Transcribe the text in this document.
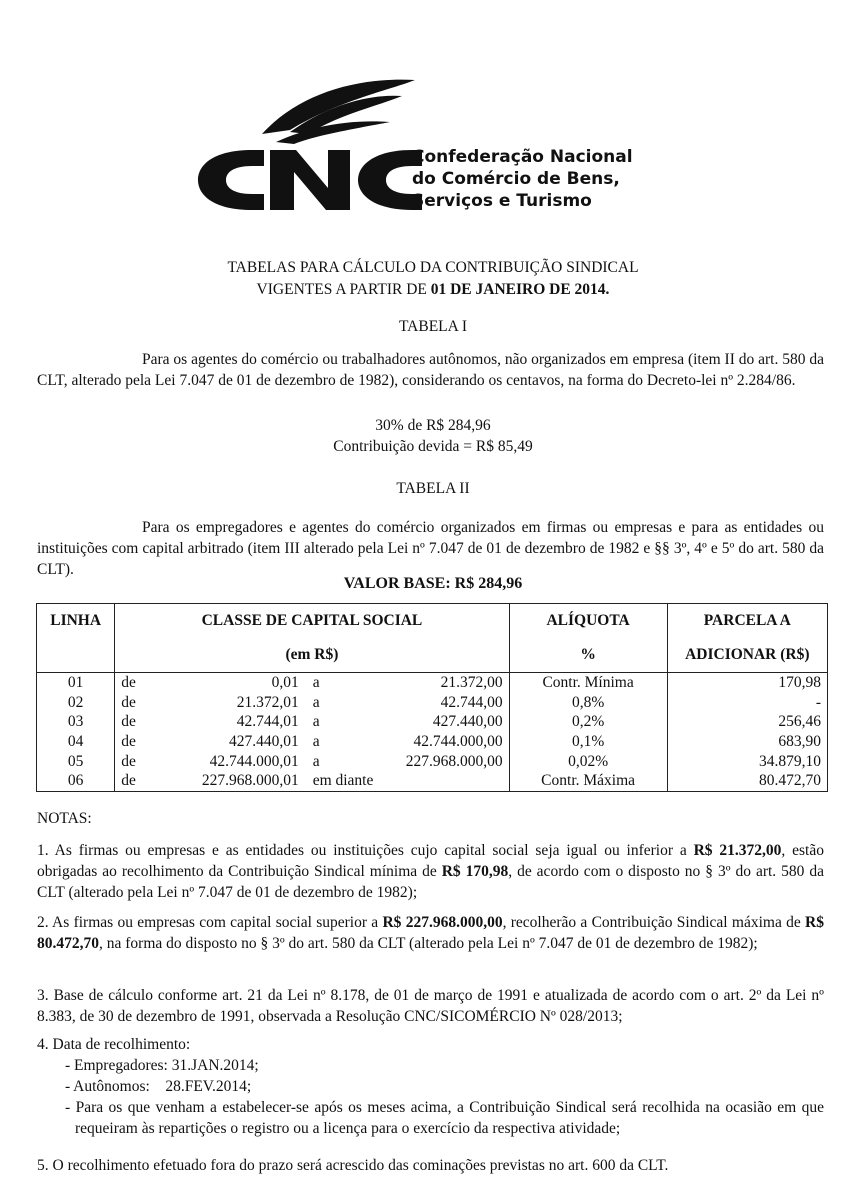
Confederação Nacional
do Comércio de Bens,
Serviços e Turismo
TABELAS PARA CÁLCULO DA CONTRIBUIÇÃO SINDICAL
VIGENTES A PARTIR DE 01 DE JANEIRO DE 2014.
TABELA I
Para os agentes do comércio ou trabalhadores autônomos, não organizados em empresa (item II do art. 580 da CLT, alterado pela Lei 7.047 de 01 de dezembro de 1982), considerando os centavos, na forma do Decreto-lei nº 2.284/86.
30% de R$ 284,96
Contribuição devida = R$ 85,49
TABELA II
Para os empregadores e agentes do comércio organizados em firmas ou empresas e para as entidades ou instituições com capital arbitrado (item III alterado pela Lei nº 7.047 de 01 de dezembro de 1982 e §§ 3º, 4º e 5º do art. 580 da CLT).
VALOR BASE: R$ 284,96
LINHA	CLASSE DE CAPITAL SOCIAL				ALÍQUOTA	PARCELA A
	(em R$)				%	ADICIONAR (R$)
01	de	0,01	a	21.372,00	Contr. Mínima	170,98
02	de	21.372,01	a	42.744,00	0,8%	-
03	de	42.744,01	a	427.440,00	0,2%	256,46
04	de	427.440,01	a	42.744.000,00	0,1%	683,90
05	de	42.744.000,01	a	227.968.000,00	0,02%	34.879,10
06	de	227.968.000,01	em diante		Contr. Máxima	80.472,70
NOTAS:
1. As firmas ou empresas e as entidades ou instituições cujo capital social seja igual ou inferior a R$ 21.372,00, estão obrigadas ao recolhimento da Contribuição Sindical mínima de R$ 170,98, de acordo com o disposto no § 3º do art. 580 da CLT (alterado pela Lei nº 7.047 de 01 de dezembro de 1982);
2. As firmas ou empresas com capital social superior a R$ 227.968.000,00, recolherão a Contribuição Sindical máxima de R$ 80.472,70, na forma do disposto no § 3º do art. 580 da CLT (alterado pela Lei nº 7.047 de 01 de dezembro de 1982);
3. Base de cálculo conforme art. 21 da Lei nº 8.178, de 01 de março de 1991 e atualizada de acordo com o art. 2º da Lei nº 8.383, de 30 de dezembro de 1991, observada a Resolução CNC/SICOMÉRCIO Nº 028/2013;
4. Data de recolhimento:
- Empregadores: 31.JAN.2014;
- Autônomos:    28.FEV.2014;
- Para os que venham a estabelecer-se após os meses acima, a Contribuição Sindical será recolhida na ocasião em que requeiram às repartições o registro ou a licença para o exercício da respectiva atividade;
5. O recolhimento efetuado fora do prazo será acrescido das cominações previstas no art. 600 da CLT.
